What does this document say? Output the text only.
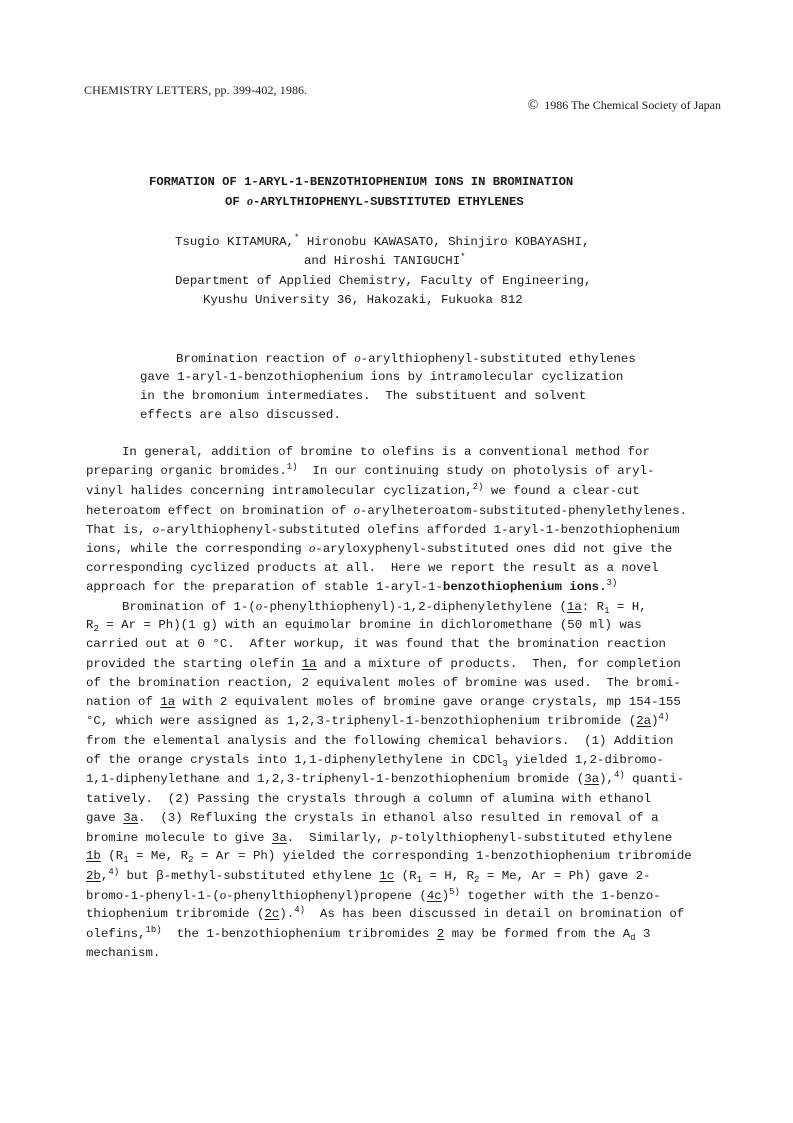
CHEMISTRY LETTERS, pp. 399-402, 1986.

© 1986 The Chemical Society of Japan

FORMATION OF 1-ARYL-1-BENZOTHIOPHENIUM IONS IN BROMINATION
OF o-ARYLTHIOPHENYL-SUBSTITUTED ETHYLENES
Tsugio KITAMURA,* Hironobu KAWASATO, Shinjiro KOBAYASHI,
and Hiroshi TANIGUCHI*
Department of Applied Chemistry, Faculty of Engineering,
Kyushu University 36, Hakozaki, Fukuoka 812
Bromination reaction of o-arylthiophenyl-substituted ethylenes
gave 1-aryl-1-benzothiophenium ions by intramolecular cyclization
in the bromonium intermediates.  The substituent and solvent
effects are also discussed.
In general, addition of bromine to olefins is a conventional method for
preparing organic bromides.$^{1)}$  In our continuing study on photolysis of aryl-
vinyl halides concerning intramolecular cyclization,$^{2)}$ we found a clear-cut
heteroatom effect on bromination of o-arylheteroatom-substituted-phenylethylenes.
That is, o-arylthiophenyl-substituted olefins afforded 1-aryl-1-benzothiophenium
ions, while the corresponding o-aryloxyphenyl-substituted ones did not give the
corresponding cyclized products at all.  Here we report the result as a novel
approach for the preparation of stable 1-aryl-1-benzothiophenium ions.$^{3)}$
Bromination of 1-(o-phenylthiophenyl)-1,2-diphenylethylene (1a: $R_1 = H$,
$R_2 = Ar = Ph)(1$ g) with an equimolar bromine in dichloromethane (50 ml) was
carried out at 0 °C.  After workup, it was found that the bromination reaction
provided the starting olefin 1a and a mixture of products.  Then, for completion
of the bromination reaction, 2 equivalent moles of bromine was used.  The bromi-
nation of 1a with 2 equivalent moles of bromine gave orange crystals, mp 154-155
°C, which were assigned as 1,2,3-triphenyl-1-benzothiophenium tribromide $(2a)^{4)}$
from the elemental analysis and the following chemical behaviors.  (1) Addition
of the orange crystals into 1,1-diphenylethylene in CDCl$_3$ yielded 1,2-dibromo-
1,1-diphenylethane and 1,2,3-triphenyl-1-benzothiophenium bromide (3a),$^{4)}$ quanti-
tatively.  (2) Passing the crystals through a column of alumina with ethanol
gave 3a.  (3) Refluxing the crystals in ethanol also resulted in removal of a
bromine molecule to give 3a.  Similarly, p-tolylthiophenyl-substituted ethylene
1b ($R_1 = Me$, $R_2 = Ar = Ph$) yielded the corresponding 1-benzothiophenium tribromide
2b,$^{4)}$ but β-methyl-substituted ethylene 1c ($R_1 = H$, $R_2 = Me$, Ar = Ph) gave 2-
bromo-1-phenyl-1-(o-phenylthiophenyl)propene $(4c)^{5)}$ together with the 1-benzo-
thiophenium tribromide (2c).$^{4)}$  As has been discussed in detail on bromination of
olefins,$^{1b)}$  the 1-benzothiophenium tribromides 2 may be formed from the $A_d$ 3
mechanism.
